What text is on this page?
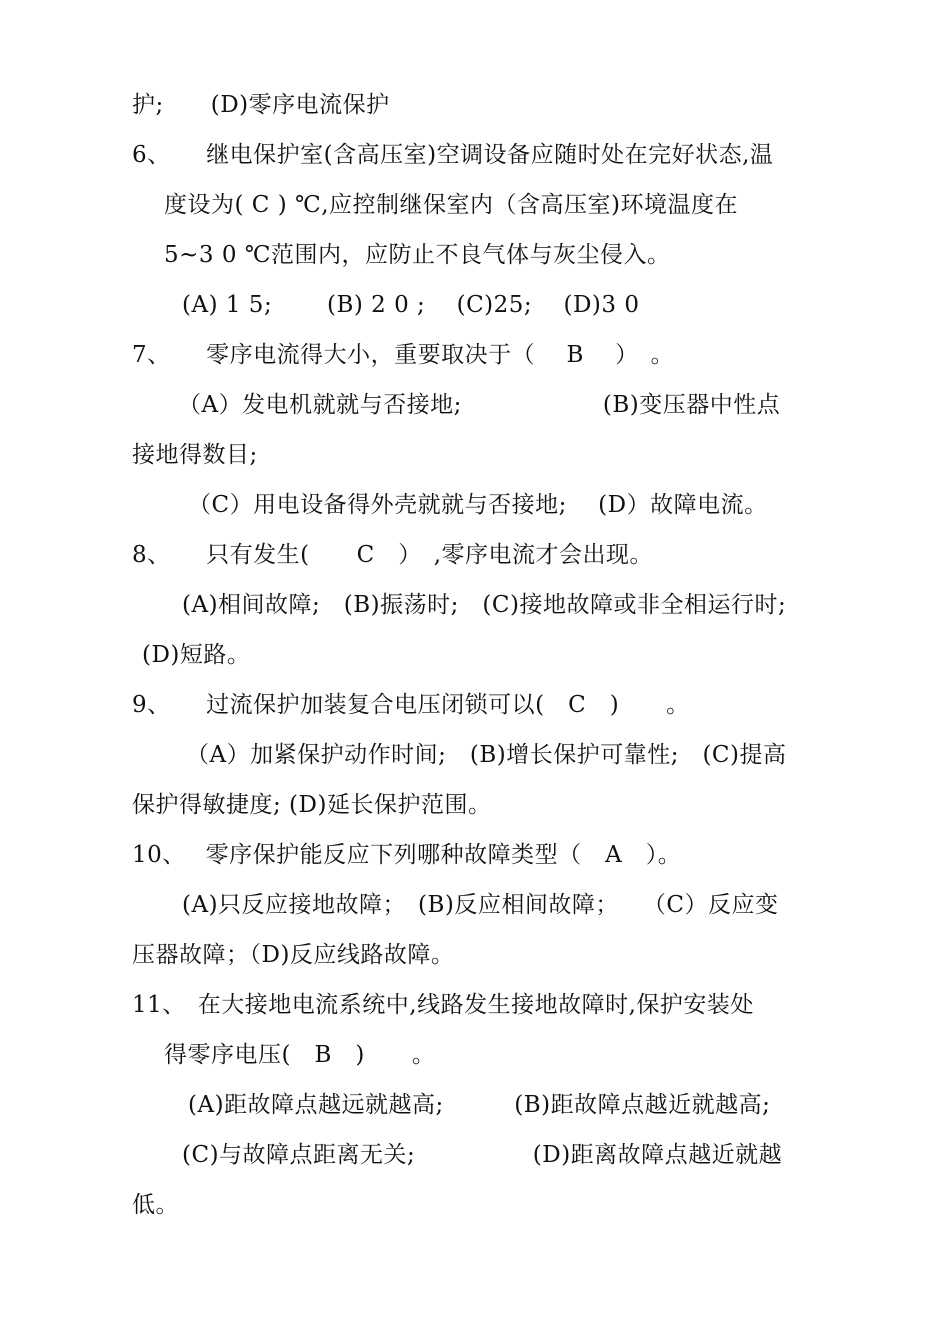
护;　　(D)零序电流保护
6、　　继电保护室(含高压室)空调设备应随时处在完好状态,温
度设为( C ) ℃,应控制继保室内（含高压室)环境温度在
5~3 0 ℃范围内，应防止不良气体与灰尘侵入。
(A) 1 5;　　 (B) 2 0 ;　 (C)25;　 (D)3 0
7、　　零序电流得大小，重要取决于（　 B　 ）　。
（A）发电机就就与否接地;　　　　　　(B)变压器中性点
接地得数目;
（C）用电设备得外壳就就与否接地;　 (D）故障电流。
8、　　只有发生(　　C　）　,零序电流才会出现。
(A)相间故障;　(B)振荡时;　(C)接地故障或非全相运行时;
(D)短路。
9、　　过流保护加装复合电压闭锁可以(　C　)　　。
（A）加紧保护动作时间;　(B)增长保护可靠性;　(C)提高
保护得敏捷度; (D)延长保护范围。
10、　 零序保护能反应下列哪种故障类型（　A　）。
(A)只反应接地故障；　(B)反应相间故障；　　（C）反应变
压器故障；（D)反应线路故障。
11、　在大接地电流系统中,线路发生接地故障时,保护安装处
得零序电压(　B　)　　。
(A)距故障点越远就越高;　　　(B)距故障点越近就越高;
(C)与故障点距离无关;　　　　　(D)距离故障点越近就越
低。
